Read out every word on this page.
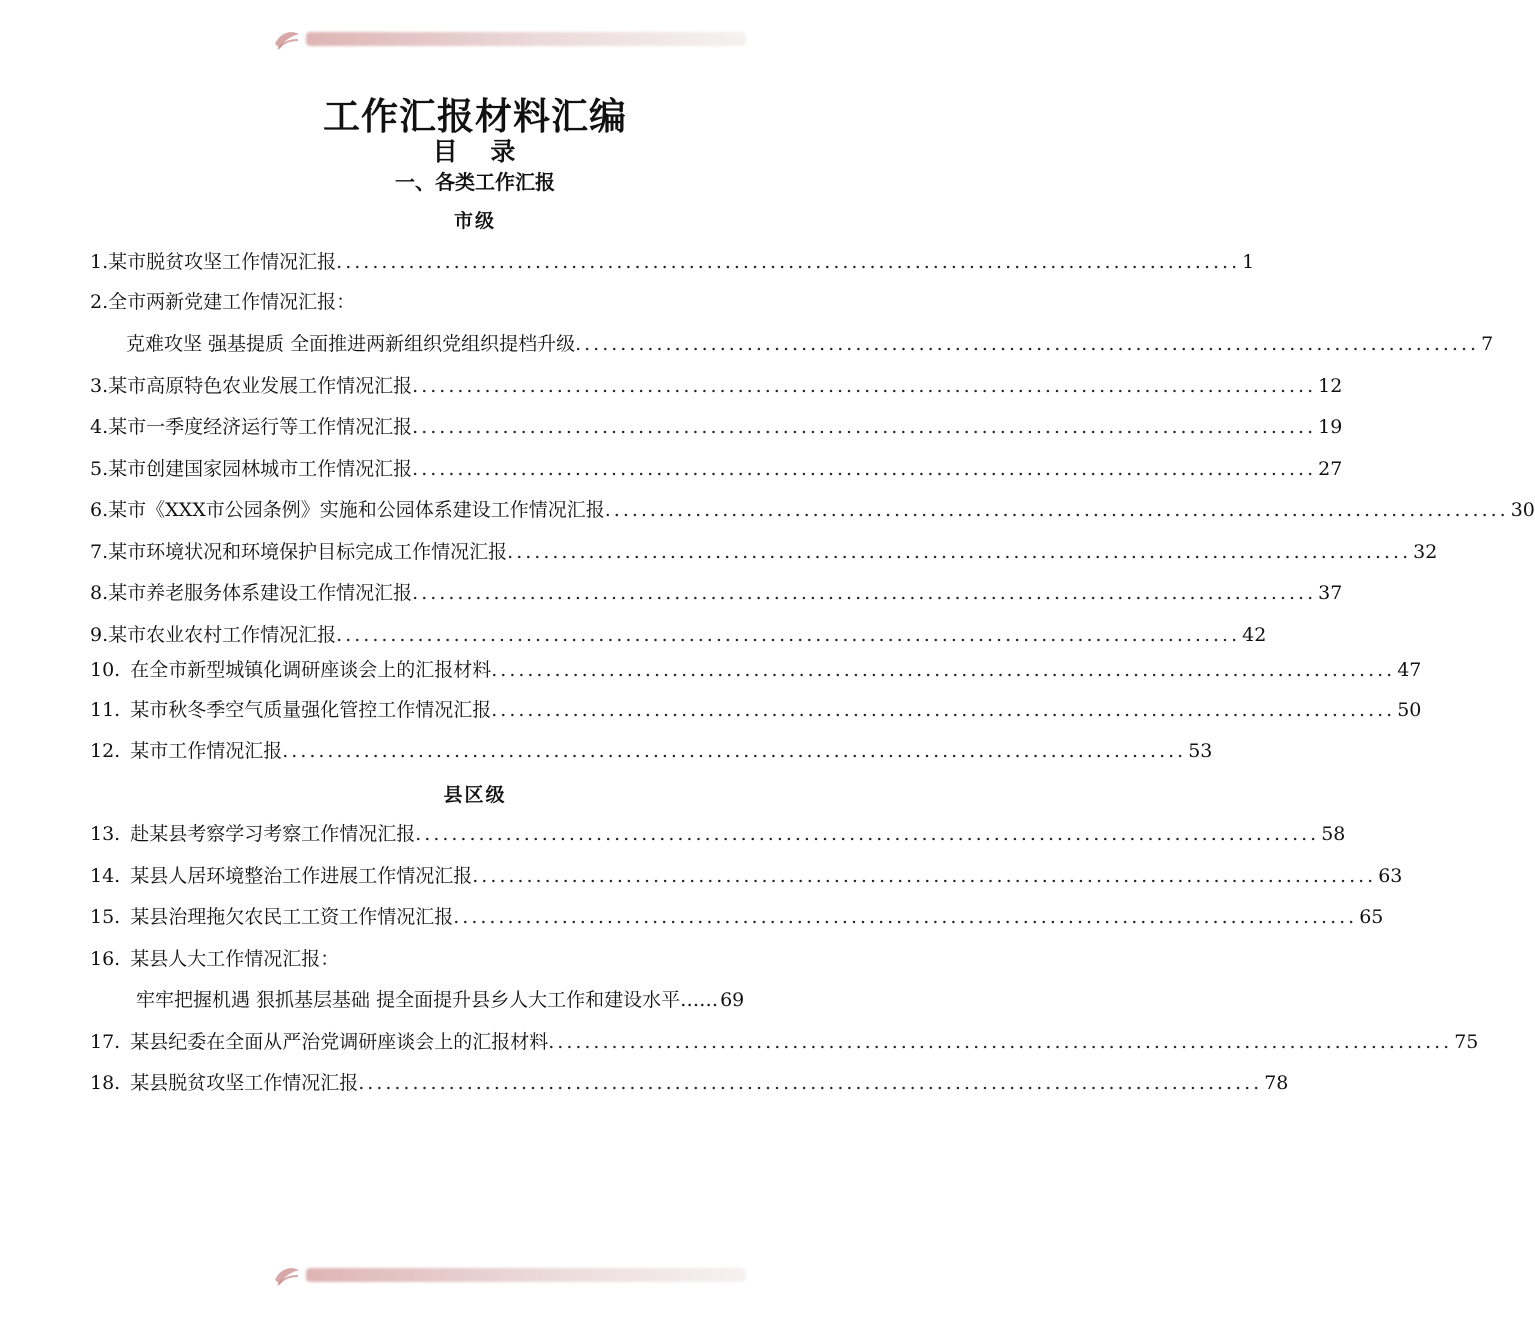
工作汇报材料汇编
目 录
一、各类工作汇报
市级
1. 某市脱贫攻坚工作情况汇报 .................................................................................................... 1
2. 全市两新党建工作情况汇报：
克难攻坚 强基提质 全面推进两新组织党组织提档升级 .................................................................................................... 7
3. 某市高原特色农业发展工作情况汇报 .................................................................................................... 12
4. 某市一季度经济运行等工作情况汇报 .................................................................................................... 19
5. 某市创建国家园林城市工作情况汇报 .................................................................................................... 27
6. 某市《XXX市公园条例》实施和公园体系建设工作情况汇报 .................................................................................................... 30
7. 某市环境状况和环境保护目标完成工作情况汇报 .................................................................................................... 32
8. 某市养老服务体系建设工作情况汇报 .................................................................................................... 37
9. 某市农业农村工作情况汇报 .................................................................................................... 42
10. 在全市新型城镇化调研座谈会上的汇报材料 .................................................................................................... 47
11. 某市秋冬季空气质量强化管控工作情况汇报 .................................................................................................... 50
12. 某市工作情况汇报 .................................................................................................... 53
县区级
13. 赴某县考察学习考察工作情况汇报 .................................................................................................... 58
14. 某县人居环境整治工作进展工作情况汇报 .................................................................................................... 63
15. 某县治理拖欠农民工工资工作情况汇报 .................................................................................................... 65
16. 某县人大工作情况汇报：
牢牢把握机遇 狠抓基层基础 提全面提升县乡人大工作和建设水平…… 69
17. 某县纪委在全面从严治党调研座谈会上的汇报材料 .................................................................................................... 75
18. 某县脱贫攻坚工作情况汇报 .................................................................................................... 78
